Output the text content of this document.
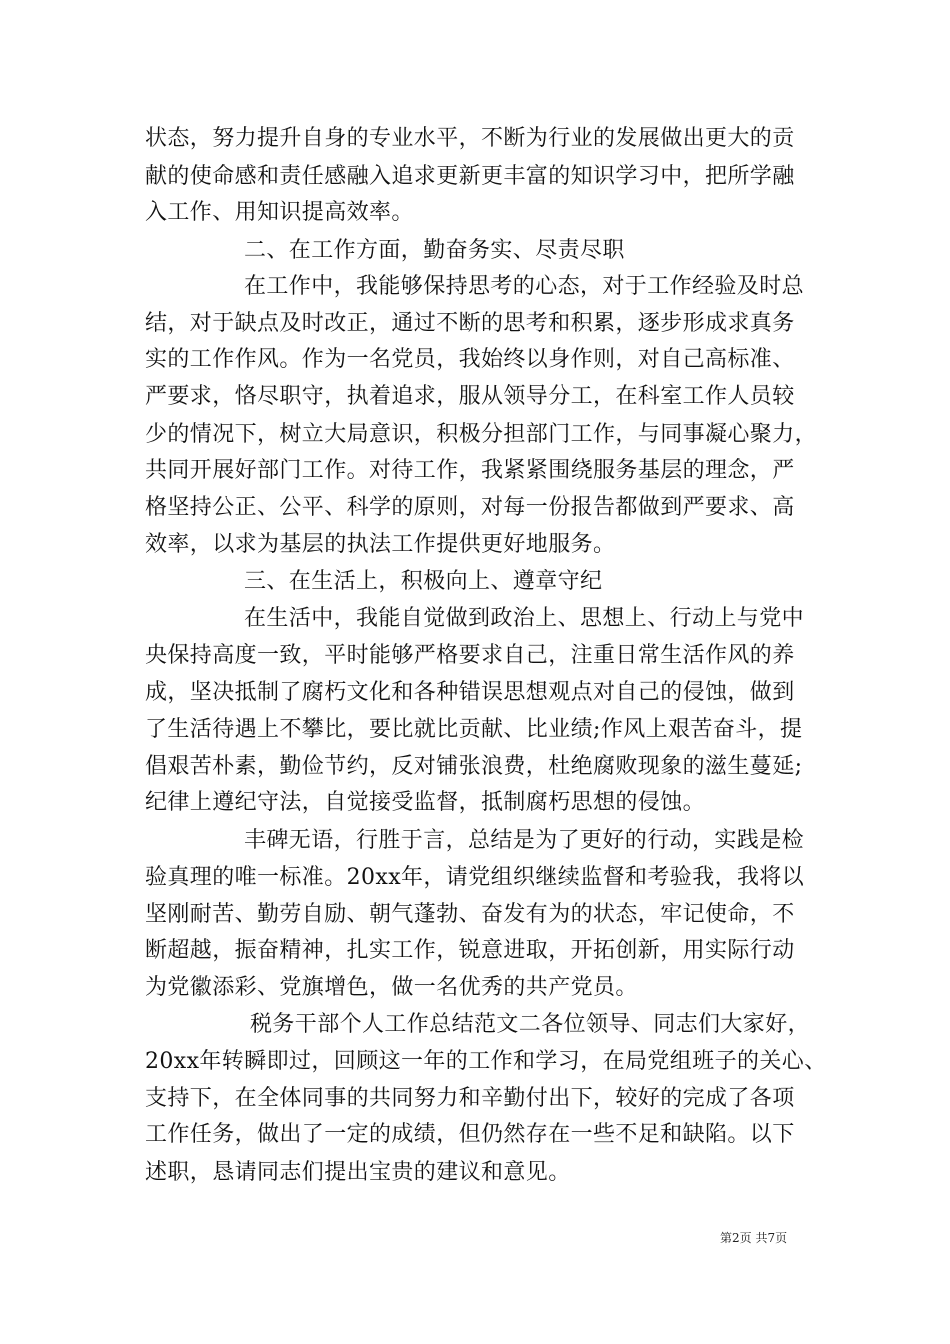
状态，努力提升自身的专业水平，不断为行业的发展做出更大的贡
献的使命感和责任感融入追求更新更丰富的知识学习中，把所学融
入工作、用知识提高效率。
二、在工作方面，勤奋务实、尽责尽职
在工作中，我能够保持思考的心态，对于工作经验及时总
结，对于缺点及时改正，通过不断的思考和积累，逐步形成求真务
实的工作作风。作为一名党员，我始终以身作则，对自己高标准、
严要求，恪尽职守，执着追求，服从领导分工，在科室工作人员较
少的情况下，树立大局意识，积极分担部门工作，与同事凝心聚力，
共同开展好部门工作。对待工作，我紧紧围绕服务基层的理念，严
格坚持公正、公平、科学的原则，对每一份报告都做到严要求、高
效率，以求为基层的执法工作提供更好地服务。
三、在生活上，积极向上、遵章守纪
在生活中，我能自觉做到政治上、思想上、行动上与党中
央保持高度一致，平时能够严格要求自己，注重日常生活作风的养
成，坚决抵制了腐朽文化和各种错误思想观点对自己的侵蚀，做到
了生活待遇上不攀比，要比就比贡献、比业绩;作风上艰苦奋斗，提
倡艰苦朴素，勤俭节约，反对铺张浪费，杜绝腐败现象的滋生蔓延;
纪律上遵纪守法，自觉接受监督，抵制腐朽思想的侵蚀。
丰碑无语，行胜于言，总结是为了更好的行动，实践是检
验真理的唯一标准。20xx年，请党组织继续监督和考验我，我将以
坚刚耐苦、勤劳自励、朝气蓬勃、奋发有为的状态，牢记使命，不
断超越，振奋精神，扎实工作，锐意进取，开拓创新，用实际行动
为党徽添彩、党旗增色，做一名优秀的共产党员。
税务干部个人工作总结范文二各位领导、同志们大家好，
20xx年转瞬即过，回顾这一年的工作和学习，在局党组班子的关心、
支持下，在全体同事的共同努力和辛勤付出下，较好的完成了各项
工作任务，做出了一定的成绩，但仍然存在一些不足和缺陷。以下
述职，恳请同志们提出宝贵的建议和意见。
第2页 共7页
